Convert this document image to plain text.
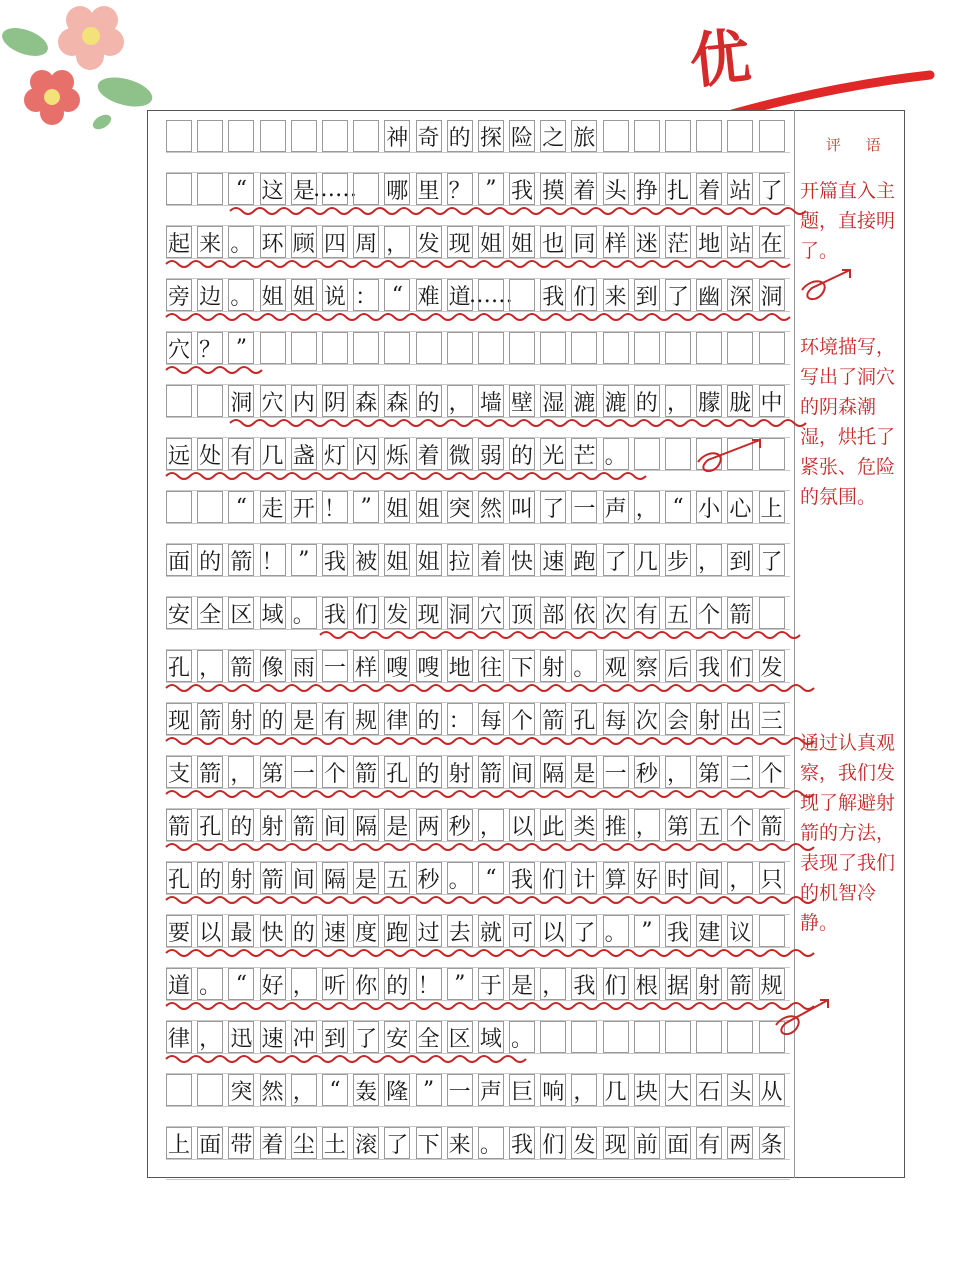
优
评 语
神 奇 的 探 险 之 旅
“ 这 是
…… 哪 里 ？ ” 我 摸 着 头 挣 扎 着 站 了
起 来 。 环 顾 四 周 ， 发 现 姐 姐 也 同 样 迷 茫 地 站 在
旁 边 。 姐 姐 说 ： “ 难 道
…… 我 们 来 到 了 幽 深 洞
穴 ？ ”
洞 穴 内 阴 森 森 的 ， 墙 壁 湿 漉 漉 的 ， 朦 胧 中
远 处 有 几 盏 灯 闪 烁 着 微 弱 的 光 芒 。
“ 走 开 ！ ” 姐 姐 突 然 叫 了 一 声 ， “ 小 心 上
面 的 箭 ！ ” 我 被 姐 姐 拉 着 快 速 跑 了 几 步 ， 到 了
安 全 区 域 。 我 们 发 现 洞 穴 顶 部 依 次 有 五 个 箭
孔 ， 箭 像 雨 一 样 嗖 嗖 地 往 下 射 。 观 察 后 我 们 发
现 箭 射 的 是 有 规 律 的 ： 每 个 箭 孔 每 次 会 射 出 三
支 箭 ， 第 一 个 箭 孔 的 射 箭 间 隔 是 一 秒 ， 第 二 个
箭 孔 的 射 箭 间 隔 是 两 秒 ， 以 此 类 推 ， 第 五 个 箭
孔 的 射 箭 间 隔 是 五 秒 。 “ 我 们 计 算 好 时 间 ， 只
要 以 最 快 的 速 度 跑 过 去 就 可 以 了 。 ” 我 建 议
道 。 “ 好 ， 听 你 的 ！ ” 于 是 ， 我 们 根 据 射 箭 规
律 ， 迅 速 冲 到 了 安 全 区 域 。
突 然 ， “ 轰 隆 ” 一 声 巨 响 ， 几 块 大 石 头 从
上 面 带 着 尘 土 滚 了 下 来 。 我 们 发 现 前 面 有 两 条
开篇直入主题，直接明了。
环境描写，写出了洞穴的阴森潮湿，烘托了紧张、危险的氛围。
通过认真观察，我们发现了解避射箭的方法，表现了我们的机智冷静。
